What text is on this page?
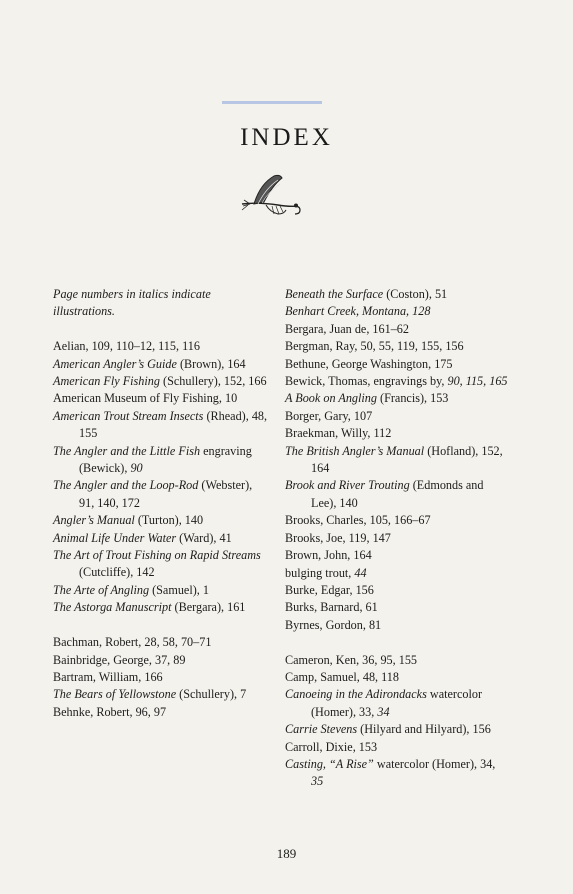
INDEX
Page numbers in italics indicate illustrations.
Aelian, 109, 110–12, 115, 116
American Angler’s Guide (Brown), 164
American Fly Fishing (Schullery), 152, 166
American Museum of Fly Fishing, 10
American Trout Stream Insects (Rhead), 48, 155
The Angler and the Little Fish engraving (Bewick), 90
The Angler and the Loop-Rod (Webster), 91, 140, 172
Angler’s Manual (Turton), 140
Animal Life Under Water (Ward), 41
The Art of Trout Fishing on Rapid Streams (Cutcliffe), 142
The Arte of Angling (Samuel), 1
The Astorga Manuscript (Bergara), 161
Bachman, Robert, 28, 58, 70–71
Bainbridge, George, 37, 89
Bartram, William, 166
The Bears of Yellowstone (Schullery), 7
Behnke, Robert, 96, 97
Beneath the Surface (Coston), 51
Benhart Creek, Montana, 128
Bergara, Juan de, 161–62
Bergman, Ray, 50, 55, 119, 155, 156
Bethune, George Washington, 175
Bewick, Thomas, engravings by, 90, 115, 165
A Book on Angling (Francis), 153
Borger, Gary, 107
Braekman, Willy, 112
The British Angler’s Manual (Hofland), 152, 164
Brook and River Trouting (Edmonds and Lee), 140
Brooks, Charles, 105, 166–67
Brooks, Joe, 119, 147
Brown, John, 164
bulging trout, 44
Burke, Edgar, 156
Burks, Barnard, 61
Byrnes, Gordon, 81
Cameron, Ken, 36, 95, 155
Camp, Samuel, 48, 118
Canoeing in the Adirondacks watercolor (Homer), 33, 34
Carrie Stevens (Hilyard and Hilyard), 156
Carroll, Dixie, 153
Casting, “A Rise” watercolor (Homer), 34, 35
189
